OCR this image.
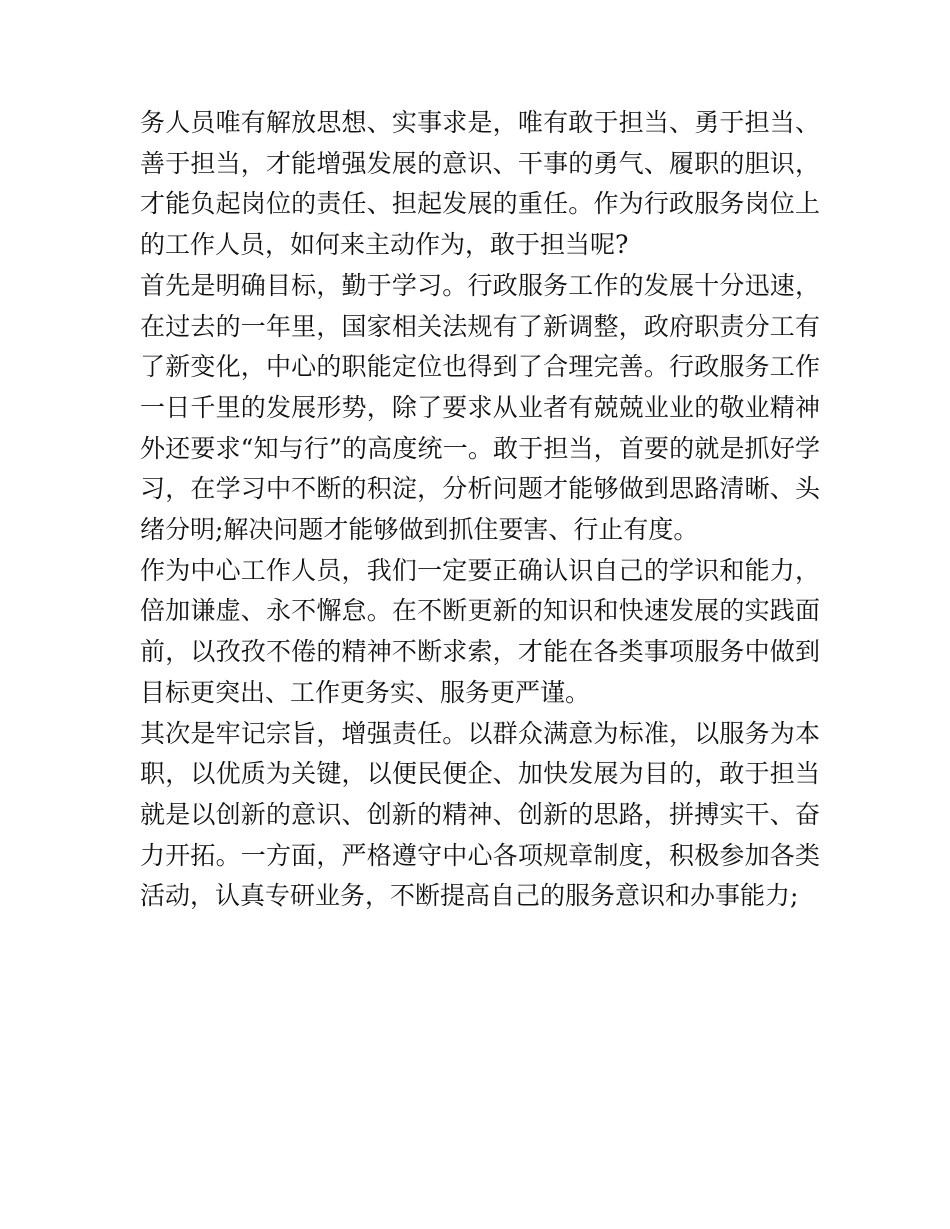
务人员唯有解放思想、实事求是，唯有敢于担当、勇于担当、

善于担当，才能增强发展的意识、干事的勇气、履职的胆识，

才能负起岗位的责任、担起发展的重任。作为行政服务岗位上

的工作人员，如何来主动作为，敢于担当呢?

首先是明确目标，勤于学习。行政服务工作的发展十分迅速，

在过去的一年里，国家相关法规有了新调整，政府职责分工有

了新变化，中心的职能定位也得到了合理完善。行政服务工作

一日千里的发展形势，除了要求从业者有兢兢业业的敬业精神

外还要求“知与行”的高度统一。敢于担当，首要的就是抓好学

习，在学习中不断的积淀，分析问题才能够做到思路清晰、头

绪分明;解决问题才能够做到抓住要害、行止有度。

作为中心工作人员，我们一定要正确认识自己的学识和能力，

倍加谦虚、永不懈怠。在不断更新的知识和快速发展的实践面

前，以孜孜不倦的精神不断求索，才能在各类事项服务中做到

目标更突出、工作更务实、服务更严谨。

其次是牢记宗旨，增强责任。以群众满意为标准，以服务为本

职，以优质为关键，以便民便企、加快发展为目的，敢于担当

就是以创新的意识、创新的精神、创新的思路，拼搏实干、奋

力开拓。一方面，严格遵守中心各项规章制度，积极参加各类

活动，认真专研业务，不断提高自己的服务意识和办事能力;
